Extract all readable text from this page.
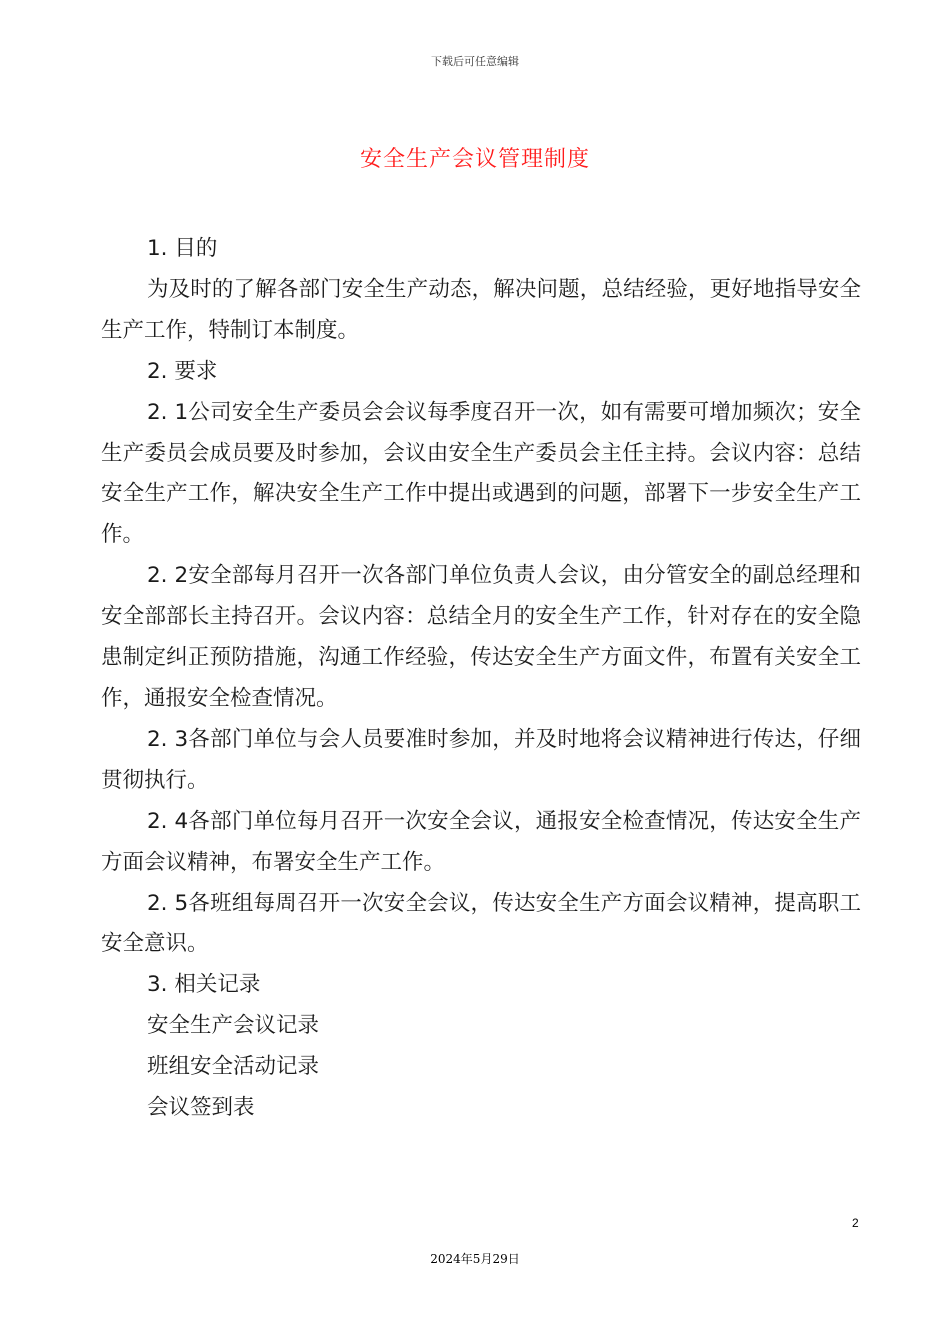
下载后可任意编辑
安全生产会议管理制度

1. 目的

为及时的了解各部门安全生产动态，解决问题，总结经验，更好地指导安全生产工作，特制订本制度。

2. 要求

2. 1公司安全生产委员会会议每季度召开一次，如有需要可增加频次；安全生产委员会成员要及时参加，会议由安全生产委员会主任主持。会议内容：总结安全生产工作，解决安全生产工作中提出或遇到的问题，部署下一步安全生产工作。

2. 2安全部每月召开一次各部门单位负责人会议，由分管安全的副总经理和安全部部长主持召开。会议内容：总结全月的安全生产工作，针对存在的安全隐患制定纠正预防措施，沟通工作经验，传达安全生产方面文件，布置有关安全工作，通报安全检查情况。

2. 3各部门单位与会人员要准时参加，并及时地将会议精神进行传达，仔细贯彻执行。

2. 4各部门单位每月召开一次安全会议，通报安全检查情况，传达安全生产方面会议精神，布署安全生产工作。

2. 5各班组每周召开一次安全会议，传达安全生产方面会议精神，提高职工安全意识。

3. 相关记录

安全生产会议记录

班组安全活动记录

会议签到表

2
2024年5月29日
